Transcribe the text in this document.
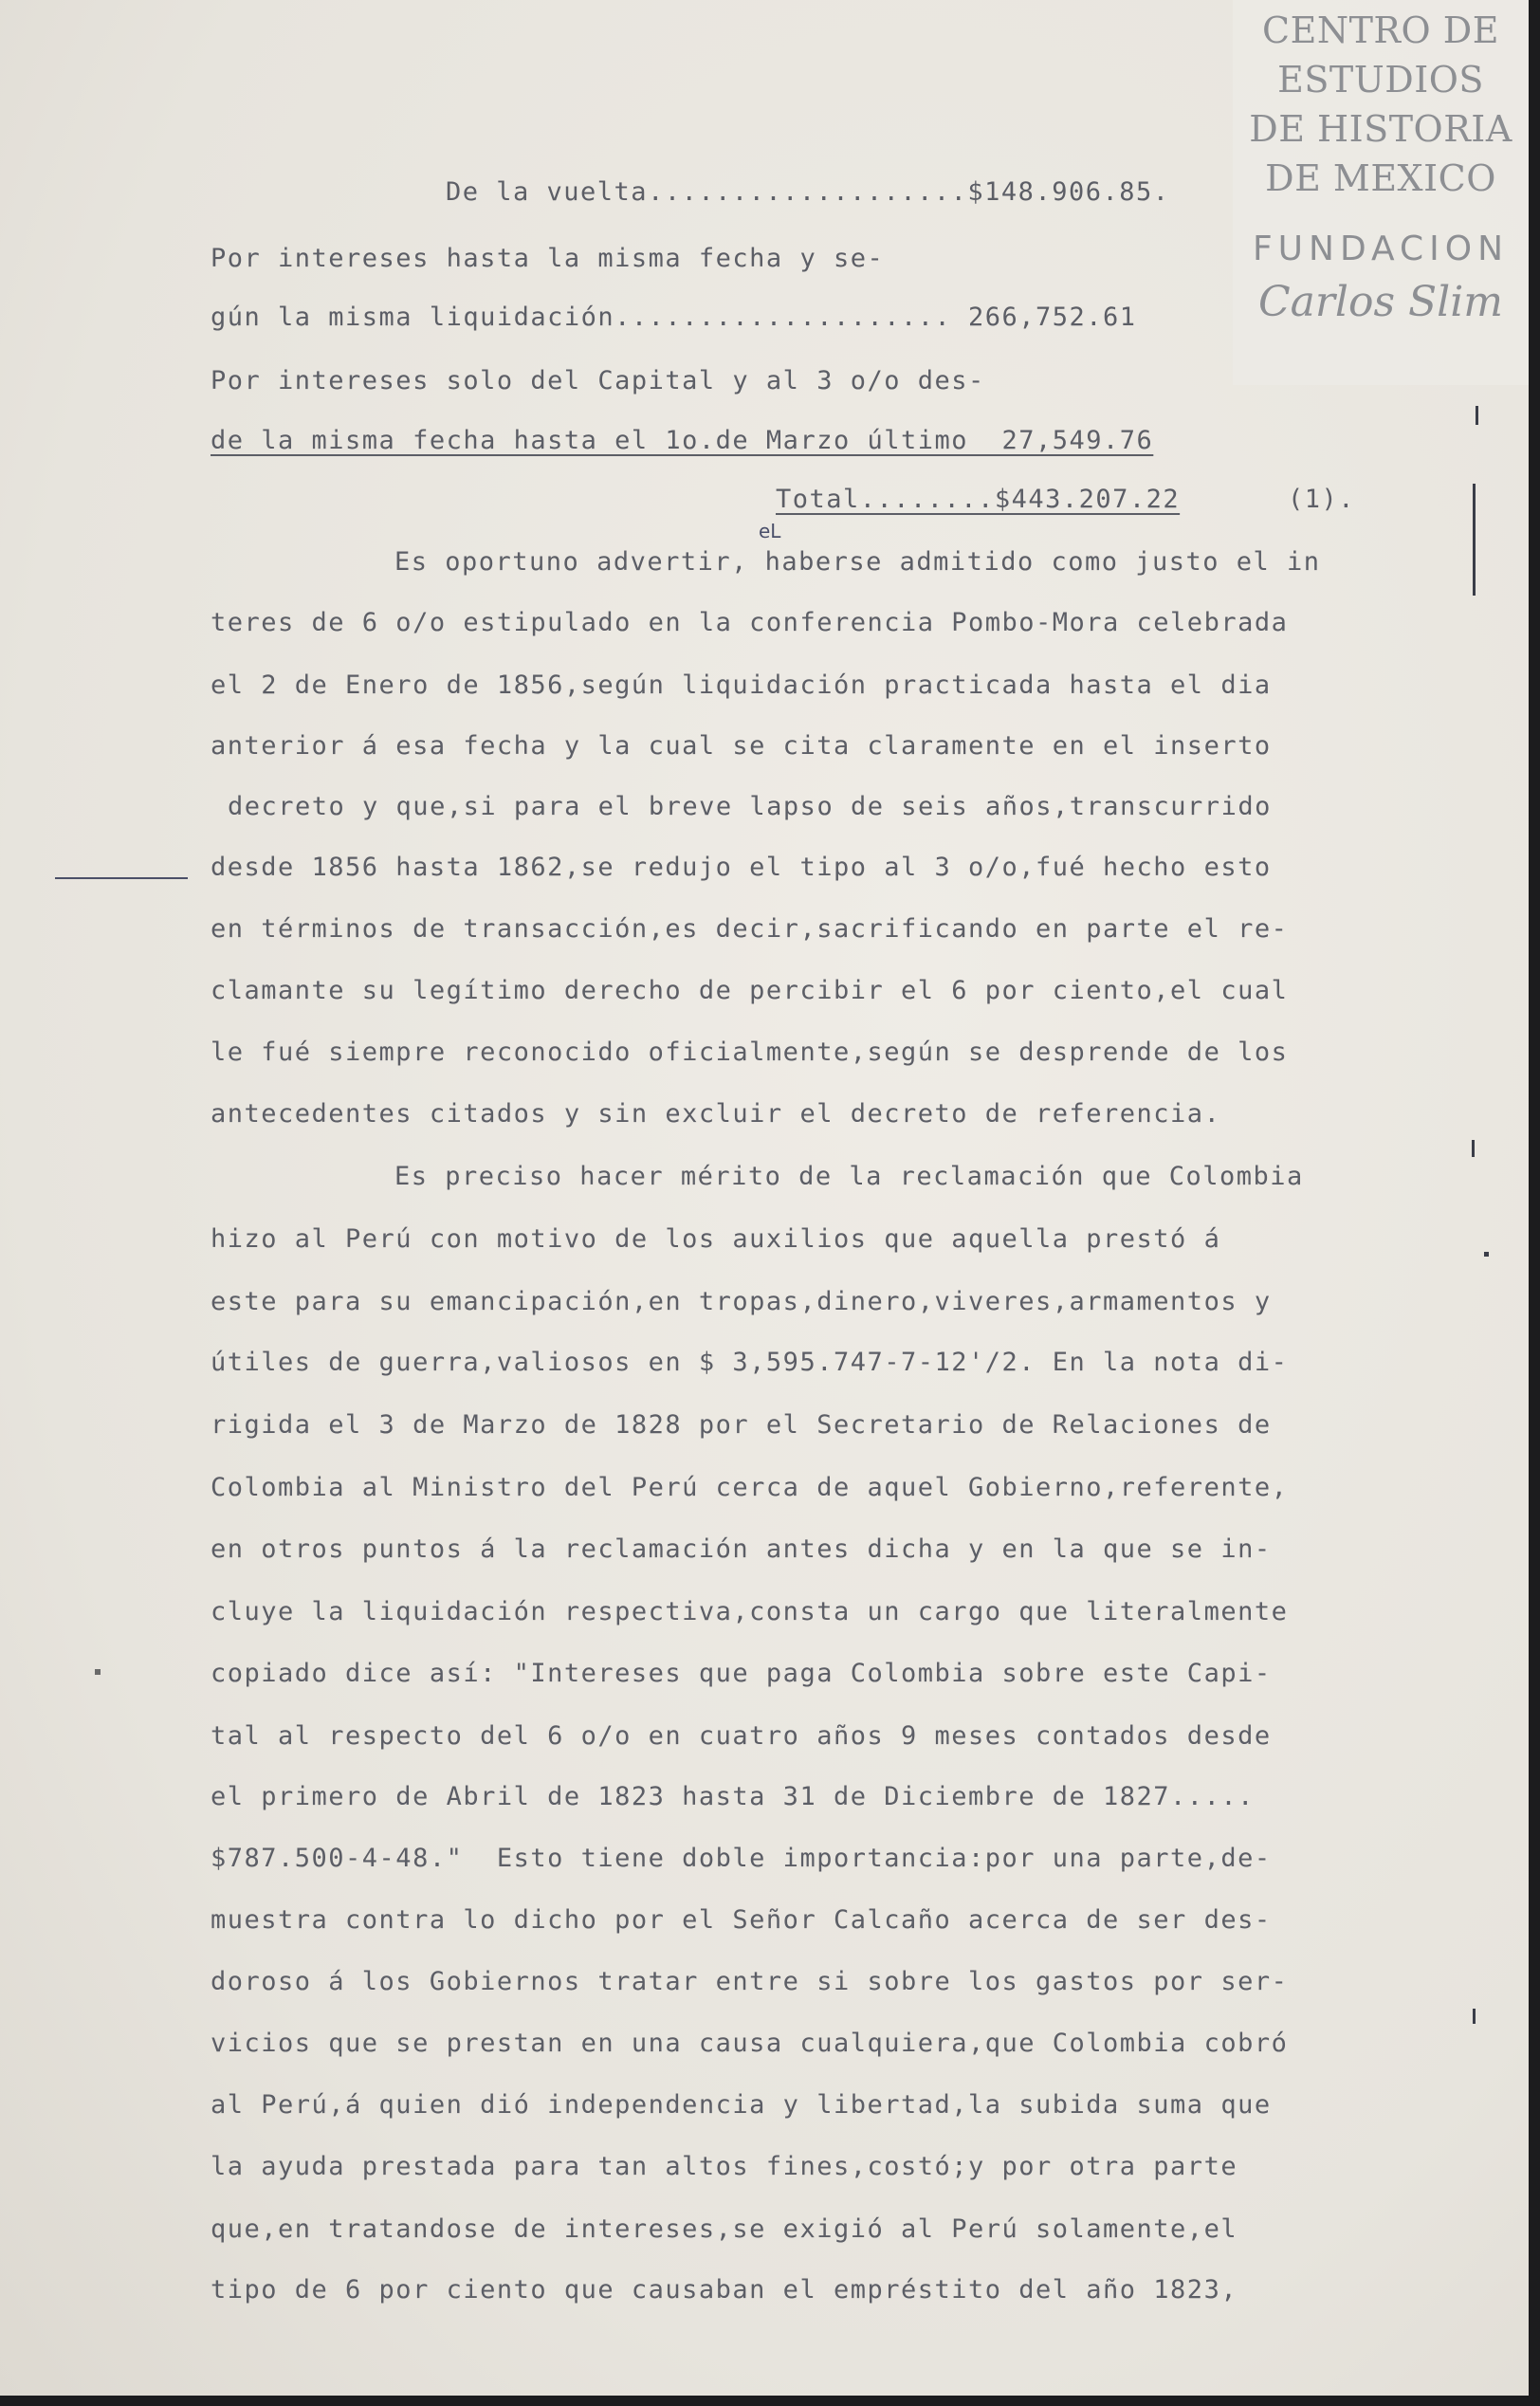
CENTRO DE
ESTUDIOS
DE HISTORIA
DE MEXICO
FUNDACION
Carlos Slim
De la vuelta...................$148.906.85.
Por intereses hasta la misma fecha y se-
gún la misma liquidación.................... 266,752.61
Por intereses solo del Capital y al 3 o/o des-
de la misma fecha hasta el 1o.de Marzo último  27,549.76
Total........$443.207.22	(1).
eL
Es oportuno advertir, haberse admitido como justo el in
teres de 6 o/o estipulado en la conferencia Pombo-Mora celebrada
el 2 de Enero de 1856,según liquidación practicada hasta el dia
anterior á esa fecha y la cual se cita claramente en el inserto
decreto y que,si para el breve lapso de seis años,transcurrido
desde 1856 hasta 1862,se redujo el tipo al 3 o/o,fué hecho esto
en términos de transacción,es decir,sacrificando en parte el re-
clamante su legítimo derecho de percibir el 6 por ciento,el cual
le fué siempre reconocido oficialmente,según se desprende de los
antecedentes citados y sin excluir el decreto de referencia.
Es preciso hacer mérito de la reclamación que Colombia
hizo al Perú con motivo de los auxilios que aquella prestó á
este para su emancipación,en tropas,dinero,viveres,armamentos y
útiles de guerra,valiosos en $ 3,595.747-7-12'/2. En la nota di-
rigida el 3 de Marzo de 1828 por el Secretario de Relaciones de
Colombia al Ministro del Perú cerca de aquel Gobierno,referente,
en otros puntos á la reclamación antes dicha y en la que se in-
cluye la liquidación respectiva,consta un cargo que literalmente
copiado dice así: "Intereses que paga Colombia sobre este Capi-
tal al respecto del 6 o/o en cuatro años 9 meses contados desde
el primero de Abril de 1823 hasta 31 de Diciembre de 1827.....
$787.500-4-48."  Esto tiene doble importancia:por una parte,de-
muestra contra lo dicho por el Señor Calcaño acerca de ser des-
doroso á los Gobiernos tratar entre si sobre los gastos por ser-
vicios que se prestan en una causa cualquiera,que Colombia cobró
al Perú,á quien dió independencia y libertad,la subida suma que
la ayuda prestada para tan altos fines,costó;y por otra parte
que,en tratandose de intereses,se exigió al Perú solamente,el
tipo de 6 por ciento que causaban el empréstito del año 1823,
